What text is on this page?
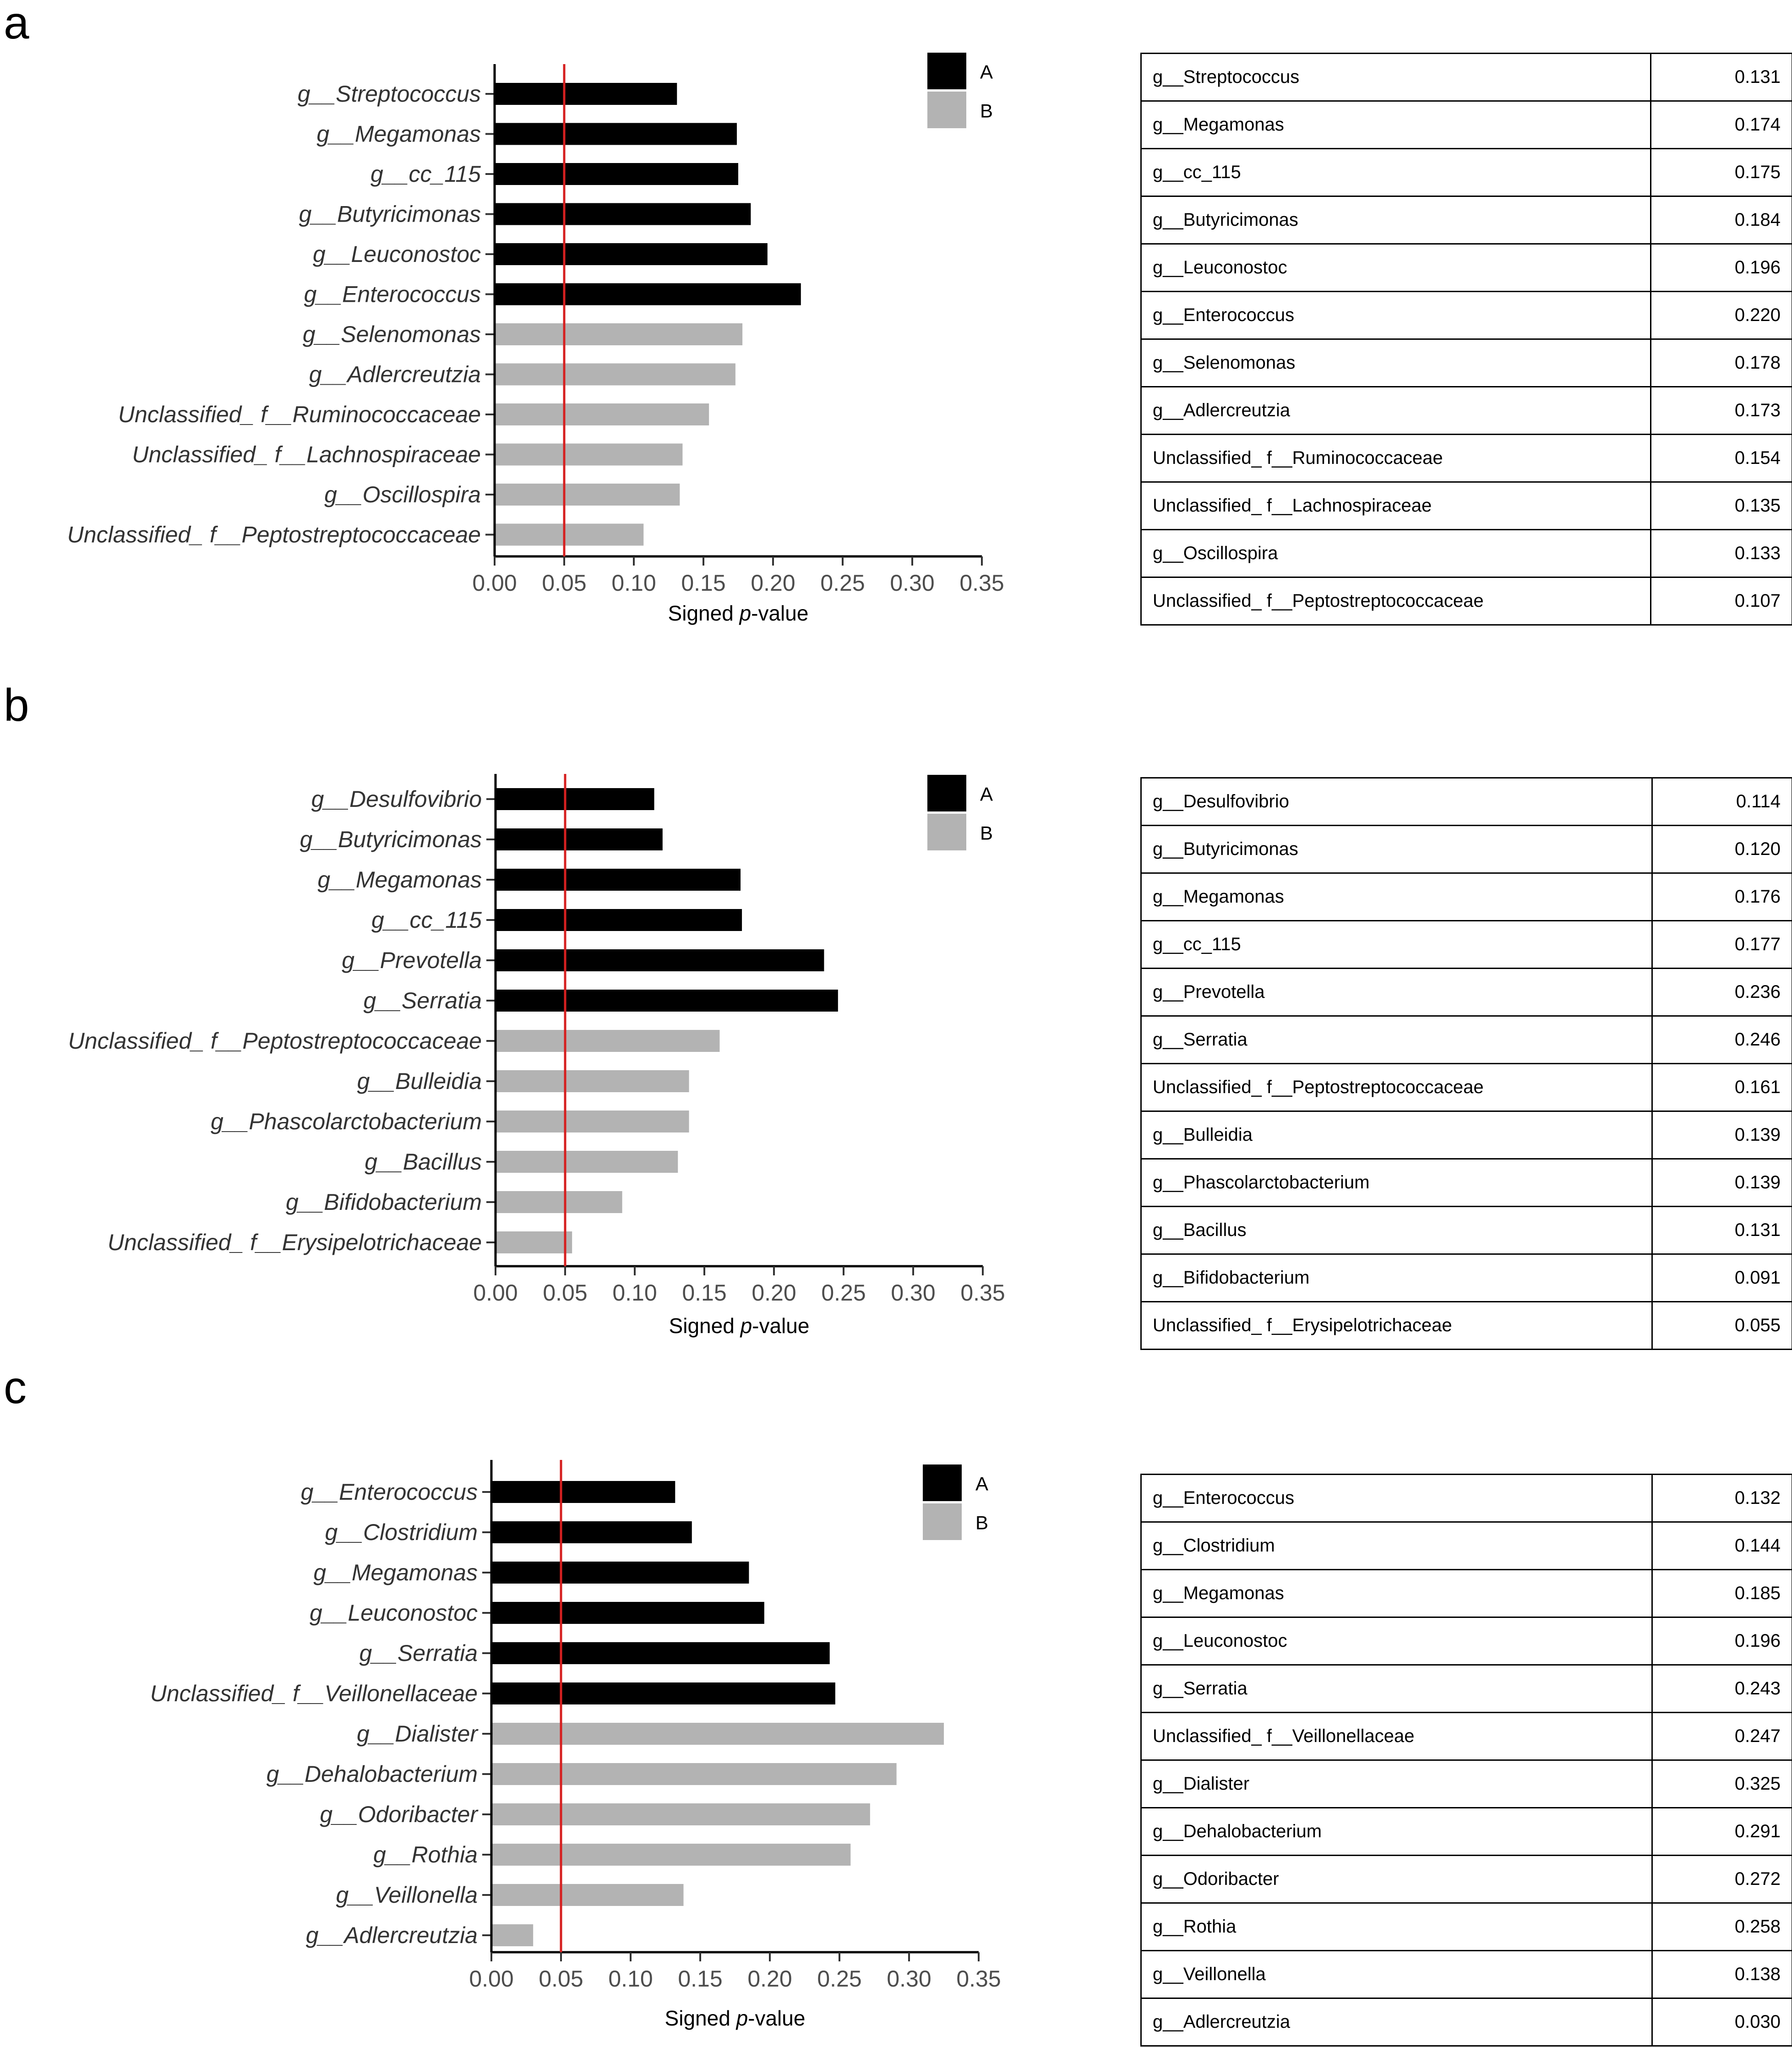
a
g__Streptococcus
g__Megamonas
g__cc_115
g__Butyricimonas
g__Leuconostoc
g__Enterococcus
g__Selenomonas
g__Adlercreutzia
Unclassified_ f__Ruminococcaceae
Unclassified_ f__Lachnospiraceae
g__Oscillospira
Unclassified_ f__Peptostreptococcaceae
0.00 0.05 0.10 0.15 0.20 0.25 0.30 0.35
A
B
Signed p-value
g__Streptococcus	0.131
g__Megamonas	0.174
g__cc_115	0.175
g__Butyricimonas	0.184
g__Leuconostoc	0.196
g__Enterococcus	0.220
g__Selenomonas	0.178
g__Adlercreutzia	0.173
Unclassified_ f__Ruminococcaceae	0.154
Unclassified_ f__Lachnospiraceae	0.135
g__Oscillospira	0.133
Unclassified_ f__Peptostreptococcaceae	0.107
b
g__Desulfovibrio
g__Butyricimonas
g__Megamonas
g__cc_115
g__Prevotella
g__Serratia
Unclassified_ f__Peptostreptococcaceae
g__Bulleidia
g__Phascolarctobacterium
g__Bacillus
g__Bifidobacterium
Unclassified_ f__Erysipelotrichaceae
0.00 0.05 0.10 0.15 0.20 0.25 0.30 0.35
A
B
Signed p-value
g__Desulfovibrio	0.114
g__Butyricimonas	0.120
g__Megamonas	0.176
g__cc_115	0.177
g__Prevotella	0.236
g__Serratia	0.246
Unclassified_ f__Peptostreptococcaceae	0.161
g__Bulleidia	0.139
g__Phascolarctobacterium	0.139
g__Bacillus	0.131
g__Bifidobacterium	0.091
Unclassified_ f__Erysipelotrichaceae	0.055
c
g__Enterococcus
g__Clostridium
g__Megamonas
g__Leuconostoc
g__Serratia
Unclassified_ f__Veillonellaceae
g__Dialister
g__Dehalobacterium
g__Odoribacter
g__Rothia
g__Veillonella
g__Adlercreutzia
0.00 0.05 0.10 0.15 0.20 0.25 0.30 0.35
A
B
Signed p-value
g__Enterococcus	0.132
g__Clostridium	0.144
g__Megamonas	0.185
g__Leuconostoc	0.196
g__Serratia	0.243
Unclassified_ f__Veillonellaceae	0.247
g__Dialister	0.325
g__Dehalobacterium	0.291
g__Odoribacter	0.272
g__Rothia	0.258
g__Veillonella	0.138
g__Adlercreutzia	0.030
